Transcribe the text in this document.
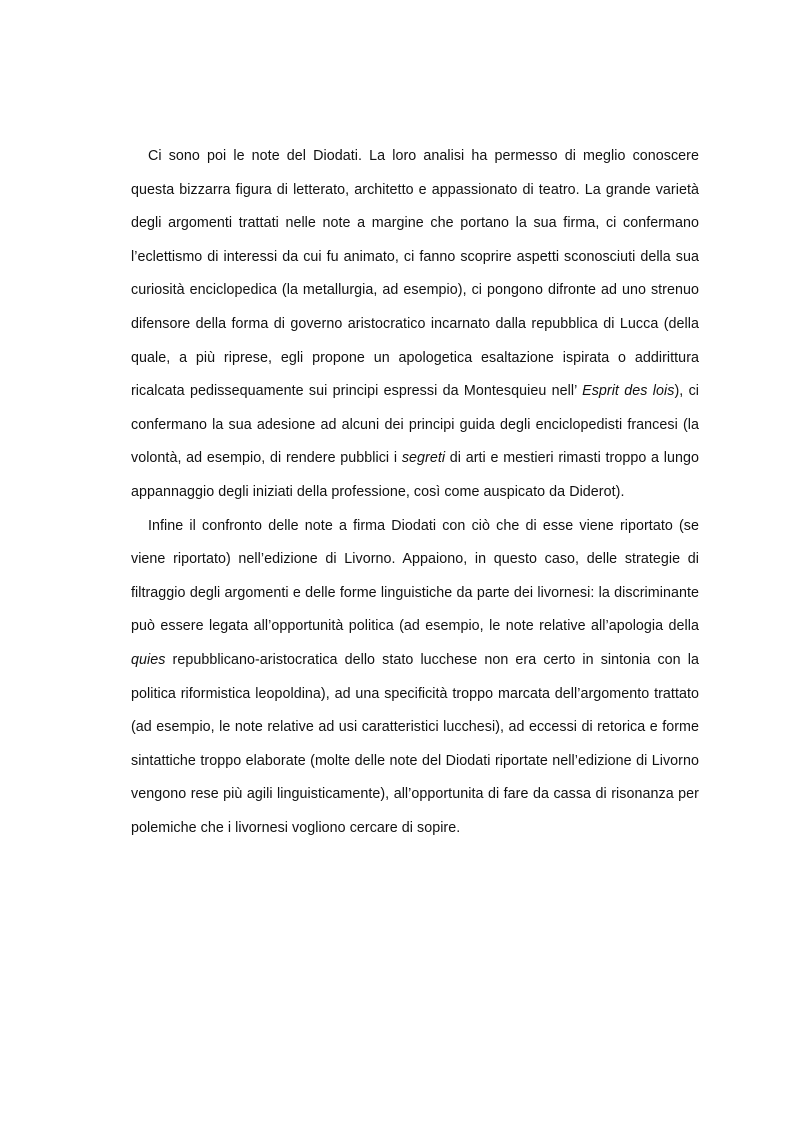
Ci sono poi le note del Diodati. La loro analisi ha permesso di meglio conoscere questa bizzarra figura di letterato, architetto e appassionato di teatro. La grande varietà degli argomenti trattati nelle note a margine che portano la sua firma, ci confermano l’eclettismo di interessi da cui fu animato, ci fanno scoprire aspetti sconosciuti della sua curiosità enciclopedica (la metallurgia, ad esempio), ci pongono difronte ad uno strenuo difensore della forma di governo aristocratico incarnato dalla repubblica di Lucca (della quale, a più riprese, egli propone un apologetica esaltazione ispirata o addirittura ricalcata pedissequamente sui principi espressi da Montesquieu nell’ Esprit des lois), ci confermano la sua adesione ad alcuni dei principi guida degli enciclopedisti francesi (la volontà, ad esempio, di rendere pubblici i segreti di arti e mestieri rimasti troppo a lungo appannaggio degli iniziati della professione, così come auspicato da Diderot).

Infine il confronto delle note a firma Diodati con ciò che di esse viene riportato (se viene riportato) nell’edizione di Livorno. Appaiono, in questo caso, delle strategie di filtraggio degli argomenti e delle forme linguistiche da parte dei livornesi: la discriminante può essere legata all’opportunità politica (ad esempio, le note relative all’apologia della quies repubblicano-aristocratica dello stato lucchese non era certo in sintonia con la politica riformistica leopoldina), ad una specificità troppo marcata dell’argomento trattato (ad esempio, le note relative ad usi caratteristici lucchesi), ad eccessi di retorica e forme sintattiche troppo elaborate (molte delle note del Diodati riportate nell’edizione di Livorno vengono rese più agili linguisticamente), all’opportunita di fare da cassa di risonanza per polemiche che i livornesi vogliono cercare di sopire.
